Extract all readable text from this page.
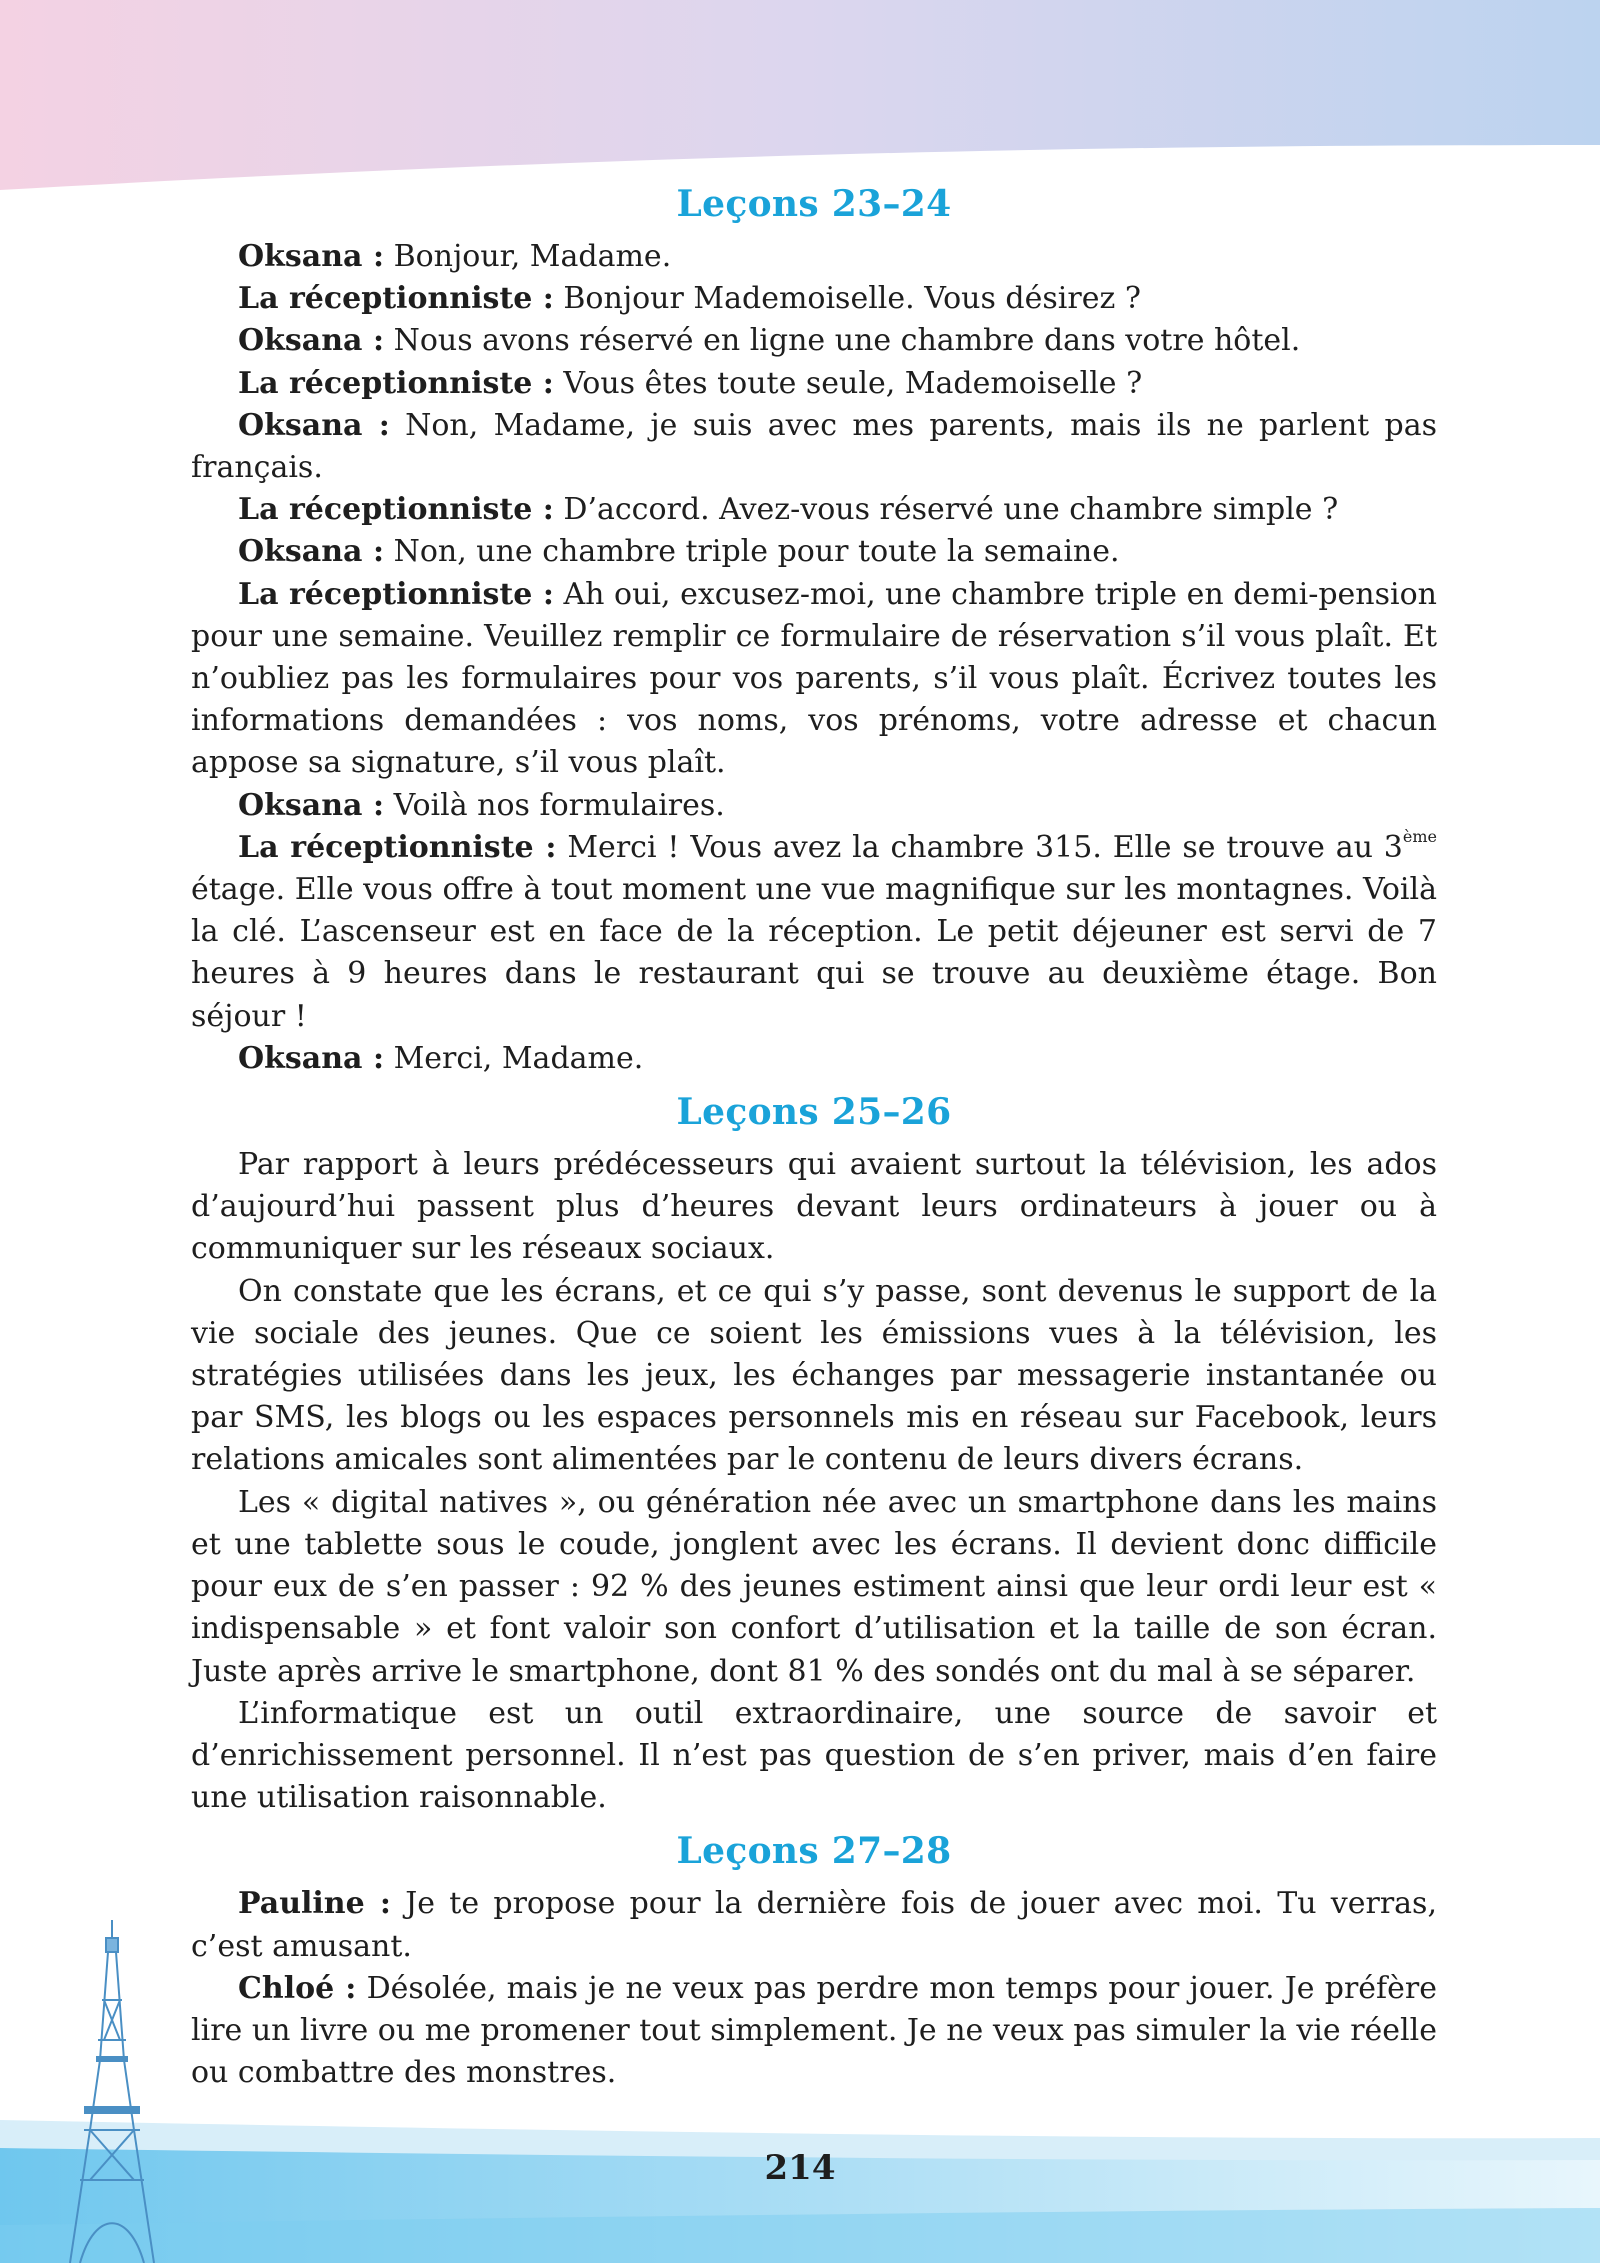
Leçons 23–24

Oksana : Bonjour, Madame.

La réceptionniste : Bonjour Mademoiselle. Vous désirez ?

Oksana : Nous avons réservé en ligne une chambre dans votre hôtel.

La réceptionniste : Vous êtes toute seule, Mademoiselle ?

Oksana : Non, Madame, je suis avec mes parents, mais ils ne parlent pas français.

La réceptionniste : D’accord. Avez-vous réservé une chambre simple ?

Oksana : Non, une chambre triple pour toute la semaine.

La réceptionniste : Ah oui, excusez-moi, une chambre triple en demi-pension pour une semaine. Veuillez remplir ce formulaire de réservation s’il vous plaît. Et n’oubliez pas les formulaires pour vos parents, s’il vous plaît. Écrivez toutes les informations demandées : vos noms, vos prénoms, votre adresse et chacun appose sa signature, s’il vous plaît.

Oksana : Voilà nos formulaires.

La réceptionniste : Merci ! Vous avez la chambre 315. Elle se trouve au 3ème étage. Elle vous offre à tout moment une vue magnifique sur les montagnes. Voilà la clé. L’ascenseur est en face de la réception. Le petit déjeuner est servi de 7 heures à 9 heures dans le restaurant qui se trouve au deuxième étage. Bon séjour !

Oksana : Merci, Madame.

Leçons 25–26

Par rapport à leurs prédécesseurs qui avaient surtout la télévision, les ados d’aujourd’hui passent plus d’heures devant leurs ordinateurs à jouer ou à communiquer sur les réseaux sociaux.

On constate que les écrans, et ce qui s’y passe, sont devenus le support de la vie sociale des jeunes. Que ce soient les émissions vues à la télévision, les stratégies utilisées dans les jeux, les échanges par messagerie instantanée ou par SMS, les blogs ou les espaces personnels mis en réseau sur Facebook, leurs relations amicales sont alimentées par le contenu de leurs divers écrans.

Les « digital natives », ou génération née avec un smartphone dans les mains et une tablette sous le coude, jonglent avec les écrans. Il devient donc difficile pour eux de s’en passer : 92 % des jeunes estiment ainsi que leur ordi leur est « indispensable » et font valoir son confort d’utilisation et la taille de son écran. Juste après arrive le smartphone, dont 81 % des sondés ont du mal à se séparer.

L’informatique est un outil extraordinaire, une source de savoir et d’enrichissement personnel. Il n’est pas question de s’en priver, mais d’en faire une utilisation raisonnable.

Leçons 27–28

Pauline : Je te propose pour la dernière fois de jouer avec moi. Tu verras, c’est amusant.

Chloé : Désolée, mais je ne veux pas perdre mon temps pour jouer. Je préfère lire un livre ou me promener tout simplement. Je ne veux pas simuler la vie réelle ou combattre des monstres.

214
